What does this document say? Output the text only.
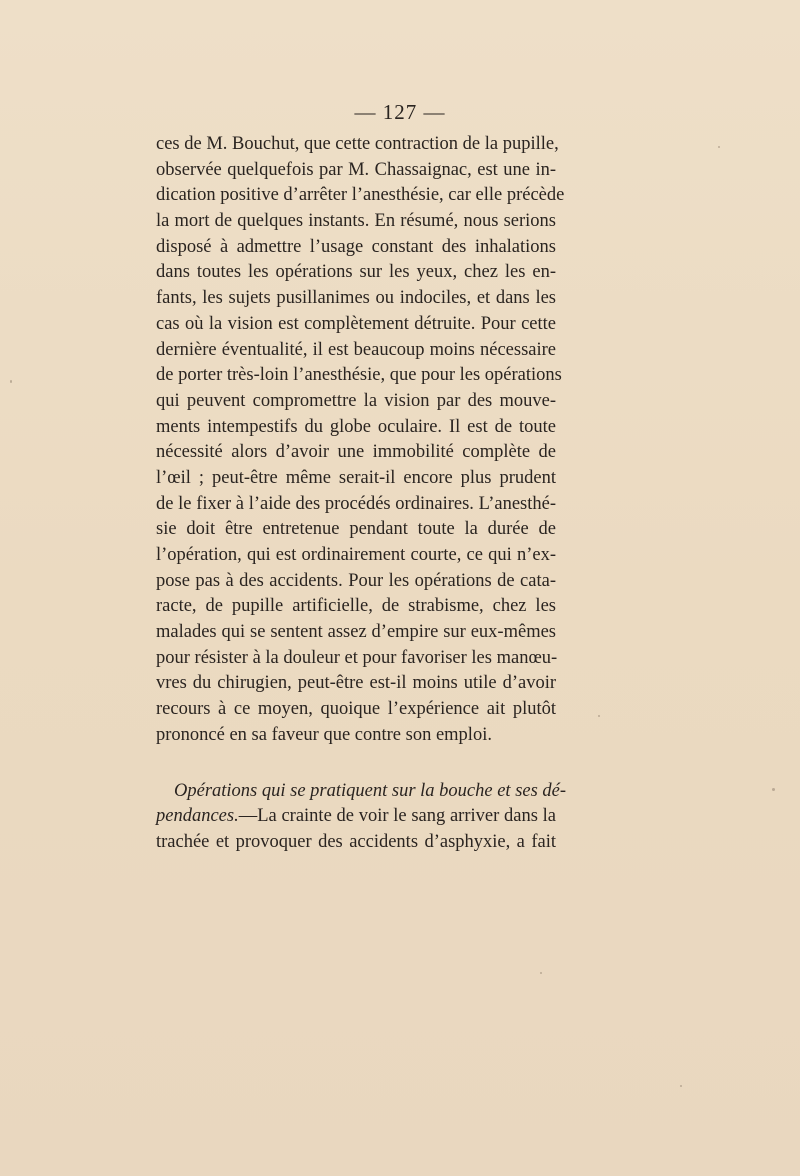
— 127 —
ces de M. Bouchut, que cette contraction de la pupille,
observée quelquefois par M. Chassaignac, est une in-
dication positive d’arrêter l’anesthésie, car elle précède
la mort de quelques instants. En résumé, nous serions
disposé à admettre l’usage constant des inhalations
dans toutes les opérations sur les yeux, chez les en-
fants, les sujets pusillanimes ou indociles, et dans les
cas où la vision est complètement détruite. Pour cette
dernière éventualité, il est beaucoup moins nécessaire
de porter très-loin l’anesthésie, que pour les opérations
qui peuvent compromettre la vision par des mouve-
ments intempestifs du globe oculaire. Il est de toute
nécessité alors d’avoir une immobilité complète de
l’œil ; peut-être même serait-il encore plus prudent
de le fixer à l’aide des procédés ordinaires. L’anesthé-
sie doit être entretenue pendant toute la durée de
l’opération, qui est ordinairement courte, ce qui n’ex-
pose pas à des accidents. Pour les opérations de cata-
racte, de pupille artificielle, de strabisme, chez les
malades qui se sentent assez d’empire sur eux-mêmes
pour résister à la douleur et pour favoriser les manœu-
vres du chirugien, peut-être est-il moins utile d’avoir
recours à ce moyen, quoique l’expérience ait plutôt
prononcé en sa faveur que contre son emploi.
Opérations qui se pratiquent sur la bouche et ses dé-
pendances.—La crainte de voir le sang arriver dans la
trachée et provoquer des accidents d’asphyxie, a fait
